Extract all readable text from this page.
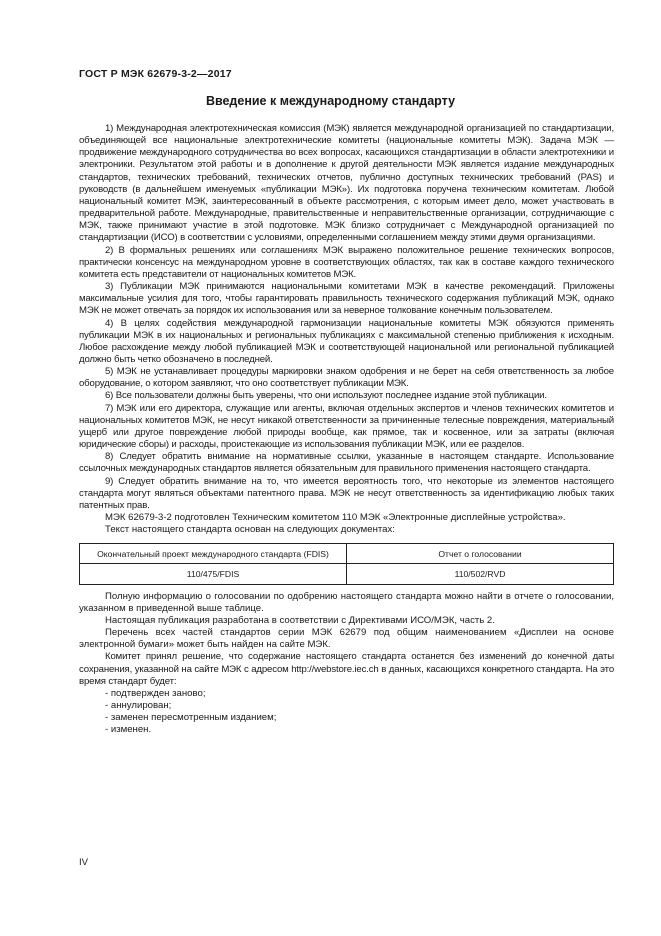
ГОСТ Р МЭК 62679-3-2—2017
Введение к международному стандарту

1) Международная электротехническая комиссия (МЭК) является международной организацией по стандартизации, объединяющей все национальные электротехнические комитеты (национальные комитеты МЭК). Задача МЭК — продвижение международного сотрудничества во всех вопросах, касающихся стандартизации в области электротехники и электроники. Результатом этой работы и в дополнение к другой деятельности МЭК является издание международных стандартов, технических требований, технических отчетов, публично доступных технических требований (PAS) и руководств (в дальнейшем именуемых «публикации МЭК»). Их подготовка поручена техническим комитетам. Любой национальный комитет МЭК, заинтересованный в объекте рассмотрения, с которым имеет дело, может участвовать в предварительной работе. Международные, правительственные и неправительственные организации, сотрудничающие с МЭК, также принимают участие в этой подготовке. МЭК близко сотрудничает с Международной организацией по стандартизации (ИСО) в соответствии с условиями, определенными соглашением между этими двумя организациями.

2) В формальных решениях или соглашениях МЭК выражено положительное решение технических вопросов, практически консенсус на международном уровне в соответствующих областях, так как в составе каждого технического комитета есть представители от национальных комитетов МЭК.

3) Публикации МЭК принимаются национальными комитетами МЭК в качестве рекомендаций. Приложены максимальные усилия для того, чтобы гарантировать правильность технического содержания публикаций МЭК, однако МЭК не может отвечать за порядок их использования или за неверное толкование конечным пользователем.

4) В целях содействия международной гармонизации национальные комитеты МЭК обязуются применять публикации МЭК в их национальных и региональных публикациях с максимальной степенью приближения к исходным. Любое расхождение между любой публикацией МЭК и соответствующей национальной или региональной публикацией должно быть четко обозначено в последней.

5) МЭК не устанавливает процедуры маркировки знаком одобрения и не берет на себя ответственность за любое оборудование, о котором заявляют, что оно соответствует публикации МЭК.

6) Все пользователи должны быть уверены, что они используют последнее издание этой публикации.

7) МЭК или его директора, служащие или агенты, включая отдельных экспертов и членов технических комитетов и национальных комитетов МЭК, не несут никакой ответственности за причиненные телесные повреждения, материальный ущерб или другое повреждение любой природы вообще, как прямое, так и косвенное, или за затраты (включая юридические сборы) и расходы, проистекающие из использования публикации МЭК, или ее разделов.

8) Следует обратить внимание на нормативные ссылки, указанные в настоящем стандарте. Использование ссылочных международных стандартов является обязательным для правильного применения настоящего стандарта.

9) Следует обратить внимание на то, что имеется вероятность того, что некоторые из элементов настоящего стандарта могут являться объектами патентного права. МЭК не несут ответственность за идентификацию любых таких патентных прав.

МЭК 62679-3-2 подготовлен Техническим комитетом 110 МЭК «Электронные дисплейные устройства».

Текст настоящего стандарта основан на следующих документах:

Окончательный проект международного стандарта (FDIS)	Отчет о голосовании
110/475/FDIS	110/502/RVD

Полную информацию о голосовании по одобрению настоящего стандарта можно найти в отчете о голосовании, указанном в приведенной выше таблице.

Настоящая публикация разработана в соответствии с Директивами ИСО/МЭК, часть 2.

Перечень всех частей стандартов серии МЭК 62679 под общим наименованием «Дисплеи на основе электронной бумаги» может быть найден на сайте МЭК.

Комитет принял решение, что содержание настоящего стандарта останется без изменений до конечной даты сохранения, указанной на сайте МЭК с адресом http://webstore.iec.ch в данных, касающихся конкретного стандарта. На это время стандарт будет:

- подтвержден заново;

- аннулирован;

- заменен пересмотренным изданием;

- изменен.

IV
